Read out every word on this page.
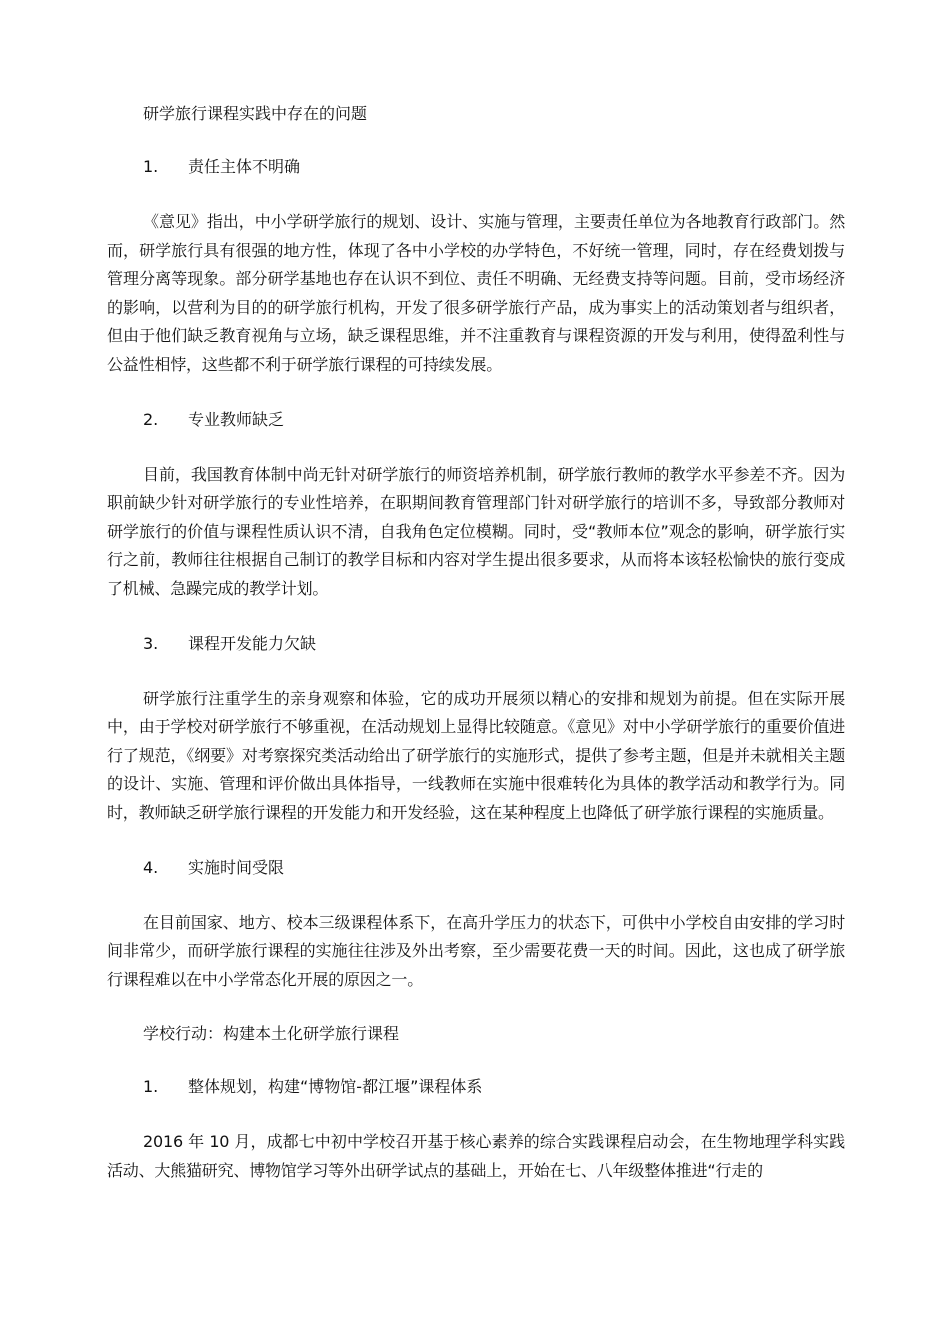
研学旅行课程实践中存在的问题
1. 责任主体不明确

《意见》指出，中小学研学旅行的规划、设计、实施与管理，主要责任单位为各地教育行政部门。然而，研学旅行具有很强的地方性，体现了各中小学校的办学特色，不好统一管理，同时，存在经费划拨与管理分离等现象。部分研学基地也存在认识不到位、责任不明确、无经费支持等问题。目前，受市场经济的影响，以营利为目的的研学旅行机构，开发了很多研学旅行产品，成为事实上的活动策划者与组织者，但由于他们缺乏教育视角与立场，缺乏课程思维，并不注重教育与课程资源的开发与利用，使得盈利性与公益性相悖，这些都不利于研学旅行课程的可持续发展。

2. 专业教师缺乏

目前，我国教育体制中尚无针对研学旅行的师资培养机制，研学旅行教师的教学水平参差不齐。因为职前缺少针对研学旅行的专业性培养，在职期间教育管理部门针对研学旅行的培训不多，导致部分教师对研学旅行的价值与课程性质认识不清，自我角色定位模糊。同时，受“教师本位”观念的影响，研学旅行实行之前，教师往往根据自己制订的教学目标和内容对学生提出很多要求，从而将本该轻松愉快的旅行变成了机械、急躁完成的教学计划。

3. 课程开发能力欠缺

研学旅行注重学生的亲身观察和体验，它的成功开展须以精心的安排和规划为前提。但在实际开展中，由于学校对研学旅行不够重视，在活动规划上显得比较随意。《意见》对中小学研学旅行的重要价值进行了规范，《纲要》对考察探究类活动给出了研学旅行的实施形式，提供了参考主题，但是并未就相关主题的设计、实施、管理和评价做出具体指导，一线教师在实施中很难转化为具体的教学活动和教学行为。同时，教师缺乏研学旅行课程的开发能力和开发经验，这在某种程度上也降低了研学旅行课程的实施质量。

4. 实施时间受限

在目前国家、地方、校本三级课程体系下，在高升学压力的状态下，可供中小学校自由安排的学习时间非常少，而研学旅行课程的实施往往涉及外出考察，至少需要花费一天的时间。因此，这也成了研学旅行课程难以在中小学常态化开展的原因之一。

学校行动：构建本土化研学旅行课程
1. 整体规划，构建“博物馆-都江堰”课程体系

2016 年 10 月，成都七中初中学校召开基于核心素养的综合实践课程启动会，在生物地理学科实践活动、大熊猫研究、博物馆学习等外出研学试点的基础上，开始在七、八年级整体推进“行走的
